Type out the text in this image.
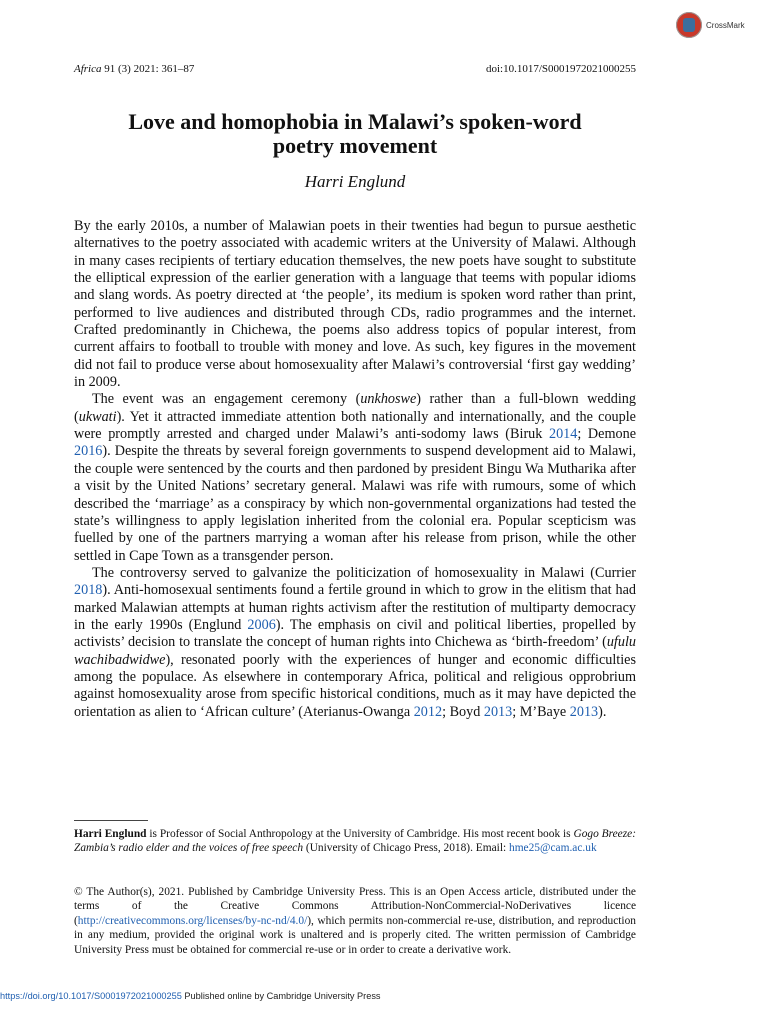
CrossMark
Africa 91 (3) 2021: 361–87	doi:10.1017/S0001972021000255
Love and homophobia in Malawi’s spoken-word
poetry movement
Harri Englund

By the early 2010s, a number of Malawian poets in their twenties had begun to pursue aesthetic alternatives to the poetry associated with academic writers at the University of Malawi. Although in many cases recipients of tertiary education themselves, the new poets have sought to substitute the elliptical expression of the earlier generation with a language that teems with popular idioms and slang words. As poetry directed at ‘the people’, its medium is spoken word rather than print, performed to live audiences and distributed through CDs, radio programmes and the internet. Crafted predominantly in Chichewa, the poems also address topics of popular interest, from current affairs to football to trouble with money and love. As such, key figures in the movement did not fail to produce verse about homosexuality after Malawi’s controversial ‘first gay wedding’ in 2009.

The event was an engagement ceremony (unkhoswe) rather than a full-blown wedding (ukwati). Yet it attracted immediate attention both nationally and internationally, and the couple were promptly arrested and charged under Malawi’s anti-sodomy laws (Biruk 2014; Demone 2016). Despite the threats by several foreign governments to suspend development aid to Malawi, the couple were sentenced by the courts and then pardoned by president Bingu Wa Mutharika after a visit by the United Nations’ secretary general. Malawi was rife with rumours, some of which described the ‘marriage’ as a conspiracy by which non-governmental organizations had tested the state’s willingness to apply legislation inherited from the colonial era. Popular scepticism was fuelled by one of the partners marrying a woman after his release from prison, while the other settled in Cape Town as a transgender person.

The controversy served to galvanize the politicization of homosexuality in Malawi (Currier 2018). Anti-homosexual sentiments found a fertile ground in which to grow in the elitism that had marked Malawian attempts at human rights activism after the restitution of multiparty democracy in the early 1990s (Englund 2006). The emphasis on civil and political liberties, propelled by activists’ decision to translate the concept of human rights into Chichewa as ‘birth-freedom’ (ufulu wachibadwidwe), resonated poorly with the experiences of hunger and economic difficulties among the populace. As elsewhere in contemporary Africa, political and religious opprobrium against homosexuality arose from specific historical conditions, much as it may have depicted the orientation as alien to ‘African culture’ (Aterianus-Owanga 2012; Boyd 2013; M’Baye 2013).

Harri Englund is Professor of Social Anthropology at the University of Cambridge. His most recent book is Gogo Breeze: Zambia’s radio elder and the voices of free speech (University of Chicago Press, 2018). Email: hme25@cam.ac.uk
© The Author(s), 2021. Published by Cambridge University Press. This is an Open Access article, distributed under the terms of the Creative Commons Attribution-NonCommercial-NoDerivatives licence (http://creativecommons.org/licenses/by-nc-nd/4.0/), which permits non-commercial re-use, distribution, and reproduction in any medium, provided the original work is unaltered and is properly cited. The written permission of Cambridge University Press must be obtained for commercial re-use or in order to create a derivative work.
https://doi.org/10.1017/S0001972021000255 Published online by Cambridge University Press
